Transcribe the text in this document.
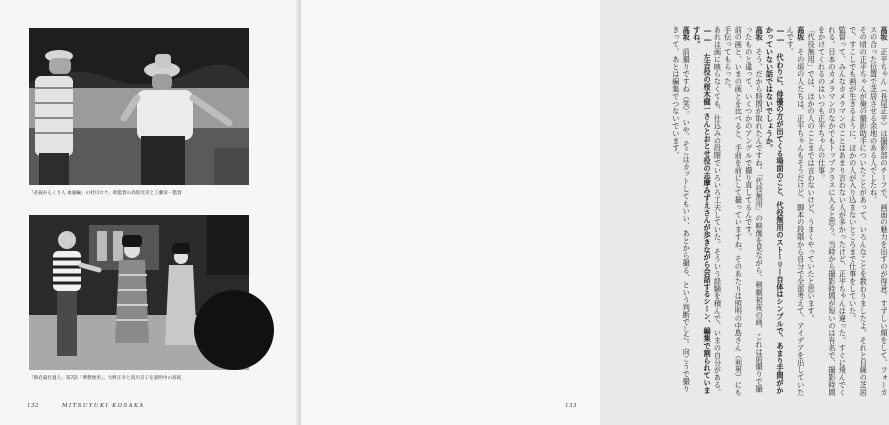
「必殺からくり人 血風編」の杜川ロケ。助監督の高坂光幸と工藤栄一監督
「新必殺仕置人」第7話「夢想無用」。大野正幸と清川京子を説明中の高坂
132	MITSUYUKI KOSAKA

高坂　正平ちゃん（長尾正平）は撮影部のチーフで、画面の魅力を出すのが得意。すずしい顔をして、フォーカスの合った位置で芝居させる余地のある人でしたね。

その頃の正平ちゃんが俺の撮影助手についたことがあって、いろんなことを教わりましたよ。それと目線の芝居で、すこしでも画が生きるように、ほかの人が入り込まないところまで仕事をしていた。

監督って、みんなカメラマンのことはあまり言わない人が多かったけど、正平ちゃんは違った。すぐに飛んでくれる。日本のカメラマンのなかでもトップクラスに入ると思う。当時から撮影時間が短いのは有名で、撮影時間をかけてくれるのはいつも正平ちゃんの仕事。

「代役無用」では、ほかの人のことまでは言わないけど、うまくやっていたと思います。

高坂　その頃の人たちは、正平ちゃんもそうだけど、脚本の段階から自分で全部考えて、アイデアを出していたんです。

―― 代わりに、俳優の方が出てくる場面のこと、代役無用のストーリー自体はシンプルで、あまり手間がかかっていない話ではないでしょうか。

高坂　そう、だから時間が取れたんですね。「代役無用」の映像を見ながら、剣劇初夜の画、これは前撮りで撮ったものと違って、いくつかのアングルで撮り直してるんです。

前の画と、いまの画とを比べると、手前を前にして撮っていますね。そのあたりは照明の中島さん（利男）にも手伝ってもらった。

あれは画に映らなくても、仕込みの段階でいろいろ工夫していた。そういう経験を積んで、いまの自分がある。

―― 左吉役の桜木健一さんとおとせ役の志摩みずえさんが歩きながら会話するシーン、編集で割られていますね。

高坂　前撮りですね（笑）。いや、そこはカットしてもいい、あとから撮る、という判断でした。向こうで撮りきって、あとは編集でつないでいます。

133
